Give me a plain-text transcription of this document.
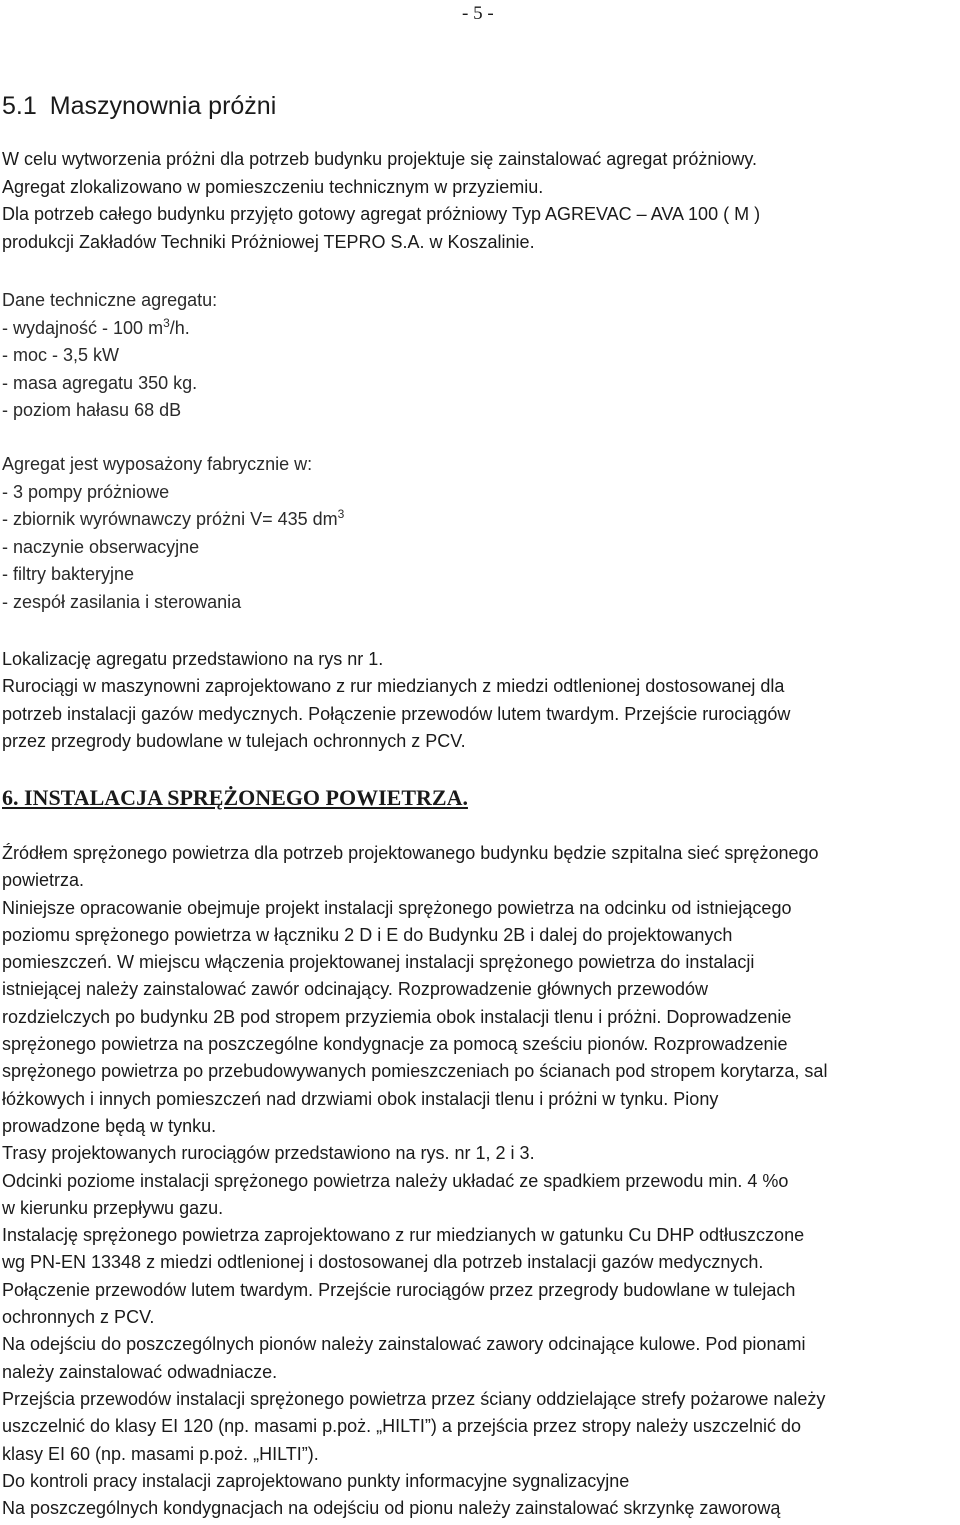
- 5 -
5.1 Maszynownia próżni
W celu wytworzenia próżni dla potrzeb budynku projektuje się zainstalować agregat próżniowy.
Agregat zlokalizowano w pomieszczeniu technicznym w przyziemiu.
Dla potrzeb całego budynku przyjęto gotowy agregat próżniowy Typ AGREVAC – AVA 100 ( M )
produkcji Zakładów Techniki Próżniowej TEPRO S.A. w Koszalinie.
Dane techniczne agregatu:
- wydajność - 100 $m^3/h$.
- moc - 3,5 kW
- masa agregatu 350 kg.
- poziom hałasu 68 dB
Agregat jest wyposażony fabrycznie w:
- 3 pompy próżniowe
- zbiornik wyrównawczy próżni V= 435 $dm^3$
- naczynie obserwacyjne
- filtry bakteryjne
- zespół zasilania i sterowania
Lokalizację agregatu przedstawiono na rys nr 1.
Rurociągi w maszynowni zaprojektowano z rur miedzianych z miedzi odtlenionej dostosowanej dla
potrzeb instalacji gazów medycznych. Połączenie przewodów lutem twardym. Przejście rurociągów
przez przegrody budowlane w tulejach ochronnych z PCV.
6. INSTALACJA SPRĘŻONEGO POWIETRZA.
Źródłem sprężonego powietrza dla potrzeb projektowanego budynku będzie szpitalna sieć sprężonego
powietrza.
Niniejsze opracowanie obejmuje projekt instalacji sprężonego powietrza na odcinku od istniejącego
poziomu sprężonego powietrza w łączniku 2 D i E do Budynku 2B i dalej do projektowanych
pomieszczeń. W miejscu włączenia projektowanej instalacji sprężonego powietrza do instalacji
istniejącej należy zainstalować zawór odcinający. Rozprowadzenie głównych przewodów
rozdzielczych po budynku 2B pod stropem przyziemia obok instalacji tlenu i próżni. Doprowadzenie
sprężonego powietrza na poszczególne kondygnacje za pomocą sześciu pionów. Rozprowadzenie
sprężonego powietrza po przebudowywanych pomieszczeniach po ścianach pod stropem korytarza, sal
łóżkowych i innych pomieszczeń nad drzwiami obok instalacji tlenu i próżni w tynku. Piony
prowadzone będą w tynku.
Trasy projektowanych rurociągów przedstawiono na rys. nr 1, 2 i 3.
Odcinki poziome instalacji sprężonego powietrza należy układać ze spadkiem przewodu min. 4 %o
w kierunku przepływu gazu.
Instalację sprężonego powietrza zaprojektowano z rur miedzianych w gatunku Cu DHP odtłuszczone
wg PN-EN 13348 z miedzi odtlenionej i dostosowanej dla potrzeb instalacji gazów medycznych.
Połączenie przewodów lutem twardym. Przejście rurociągów przez przegrody budowlane w tulejach
ochronnych z PCV.
Na odejściu do poszczególnych pionów należy zainstalować zawory odcinające kulowe. Pod pionami
należy zainstalować odwadniacze.
Przejścia przewodów instalacji sprężonego powietrza przez ściany oddzielające strefy pożarowe należy
uszczelnić do klasy EI 120 (np. masami p.poż. „HILTI”) a przejścia przez stropy należy uszczelnić do
klasy EI 60 (np. masami p.poż. „HILTI”).
Do kontroli pracy instalacji zaprojektowano punkty informacyjne sygnalizacyjne
Na poszczególnych kondygnacjach na odejściu od pionu należy zainstalować skrzynkę zaworową
